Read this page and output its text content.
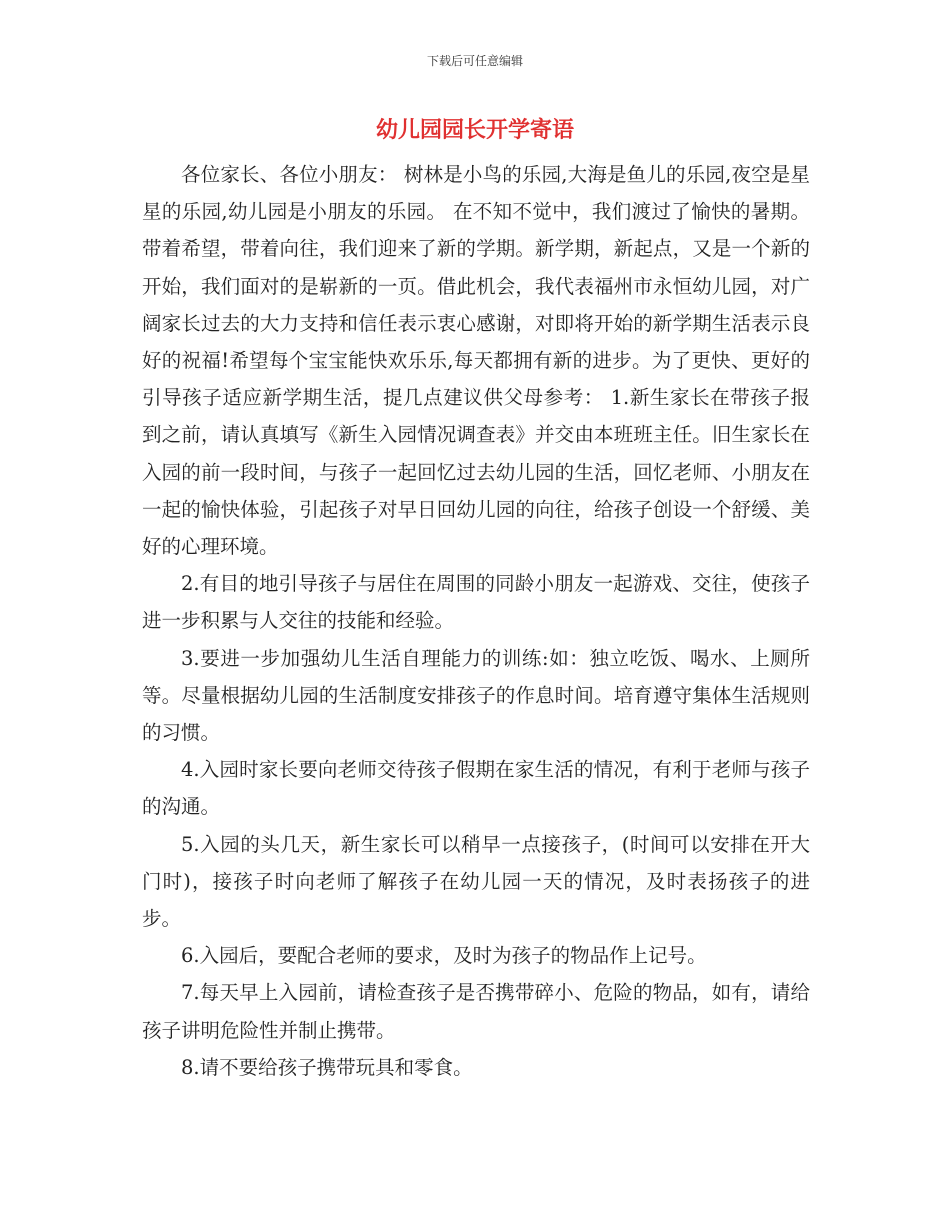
下载后可任意编辑
幼儿园园长开学寄语

各位家长、各位小朋友： 树林是小鸟的乐园,大海是鱼儿的乐园,夜空是星星的乐园,幼儿园是小朋友的乐园。 在不知不觉中，我们渡过了愉快的暑期。带着希望，带着向往，我们迎来了新的学期。新学期，新起点，又是一个新的开始，我们面对的是崭新的一页。借此机会，我代表福州市永恒幼儿园，对广阔家长过去的大力支持和信任表示衷心感谢，对即将开始的新学期生活表示良好的祝福!希望每个宝宝能快欢乐乐,每天都拥有新的进步。为了更快、更好的引导孩子适应新学期生活，提几点建议供父母参考： 1.新生家长在带孩子报到之前，请认真填写《新生入园情况调查表》并交由本班班主任。旧生家长在入园的前一段时间，与孩子一起回忆过去幼儿园的生活，回忆老师、小朋友在一起的愉快体验，引起孩子对早日回幼儿园的向往，给孩子创设一个舒缓、美好的心理环境。

2.有目的地引导孩子与居住在周围的同龄小朋友一起游戏、交往，使孩子进一步积累与人交往的技能和经验。

3.要进一步加强幼儿生活自理能力的训练:如：独立吃饭、喝水、上厕所等。尽量根据幼儿园的生活制度安排孩子的作息时间。培育遵守集体生活规则的习惯。

4.入园时家长要向老师交待孩子假期在家生活的情况，有利于老师与孩子的沟通。

5.入园的头几天，新生家长可以稍早一点接孩子，(时间可以安排在开大门时)，接孩子时向老师了解孩子在幼儿园一天的情况，及时表扬孩子的进步。

6.入园后，要配合老师的要求，及时为孩子的物品作上记号。

7.每天早上入园前，请检查孩子是否携带碎小、危险的物品，如有，请给孩子讲明危险性并制止携带。

8.请不要给孩子携带玩具和零食。
